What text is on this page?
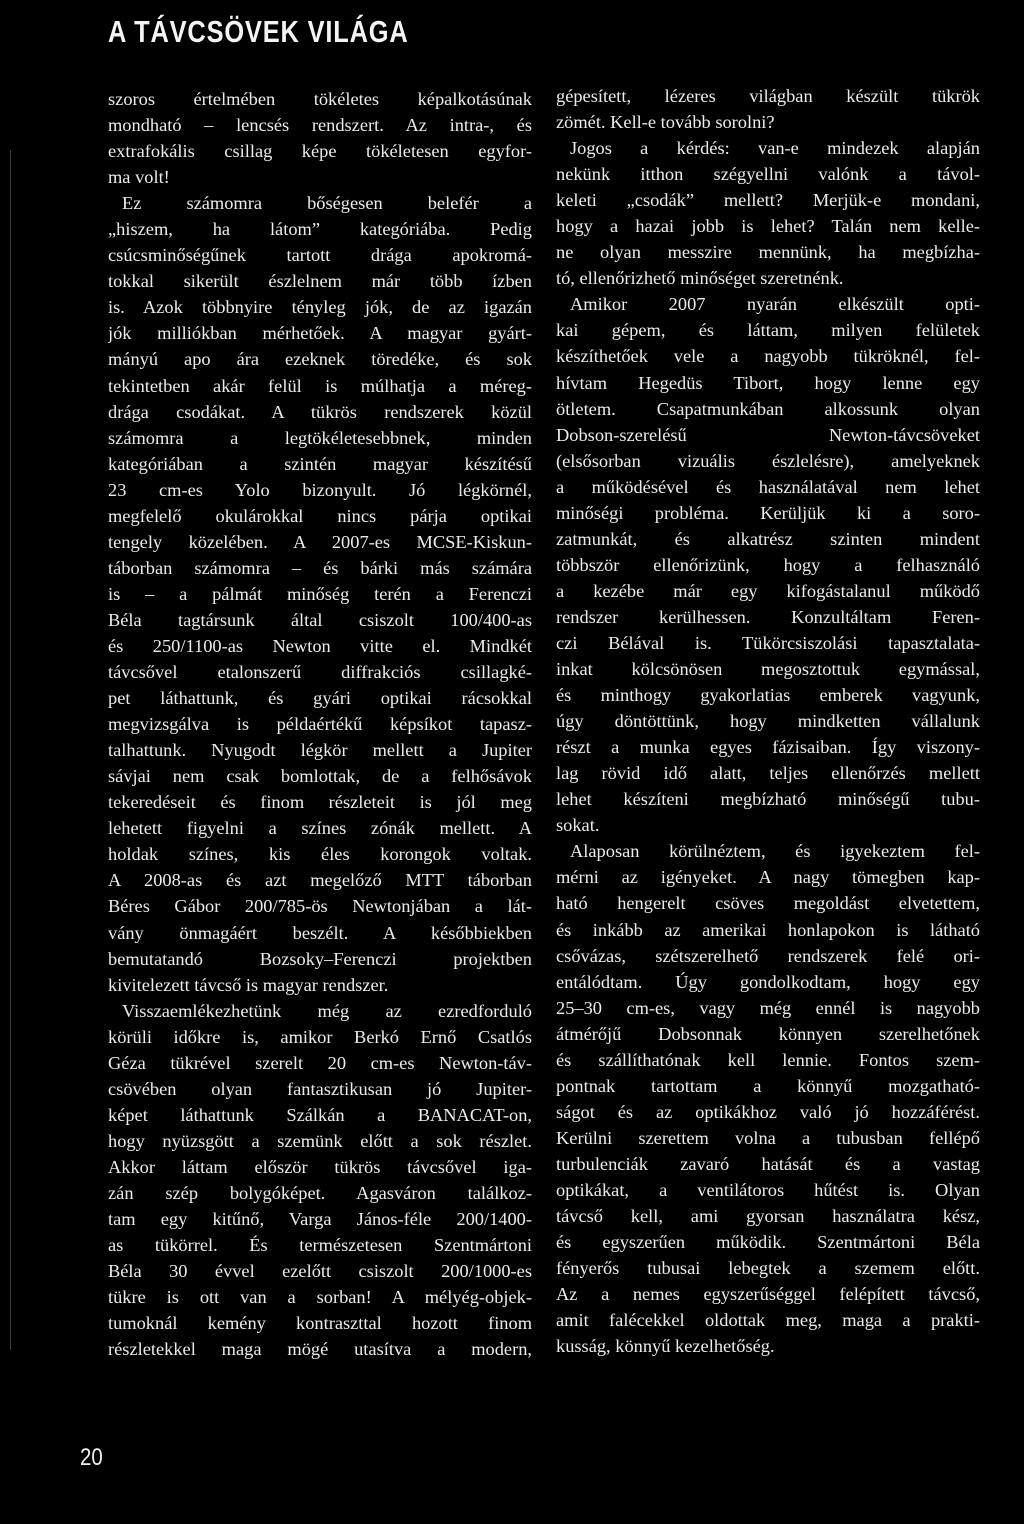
A TÁVCSÖVEK VILÁGA
szoros értelmében tökéletes képalkotásúnak
mondható – lencsés rendszert. Az intra-, és
extrafokális csillag képe tökéletesen egyfor-
ma volt!
Ez számomra bőségesen belefér a
„hiszem, ha látom” kategóriába. Pedig
csúcsminőségűnek tartott drága apokromá-
tokkal sikerült észlelnem már több ízben
is. Azok többnyire tényleg jók, de az igazán
jók milliókban mérhetőek. A magyar gyárt-
mányú apo ára ezeknek töredéke, és sok
tekintetben akár felül is múlhatja a méreg-
drága csodákat. A tükrös rendszerek közül
számomra a legtökéletesebbnek, minden
kategóriában a szintén magyar készítésű
23 cm-es Yolo bizonyult. Jó légkörnél,
megfelelő okulárokkal nincs párja optikai
tengely közelében. A 2007-es MCSE-Kiskun-
táborban számomra – és bárki más számára
is – a pálmát minőség terén a Ferenczi
Béla tagtársunk által csiszolt 100/400-as
és 250/1100-as Newton vitte el. Mindkét
távcsővel etalonszerű diffrakciós csillagké-
pet láthattunk, és gyári optikai rácsokkal
megvizsgálva is példaértékű képsíkot tapasz-
talhattunk. Nyugodt légkör mellett a Jupiter
sávjai nem csak bomlottak, de a felhősávok
tekeredéseit és finom részleteit is jól meg
lehetett figyelni a színes zónák mellett. A
holdak színes, kis éles korongok voltak.
A 2008-as és azt megelőző MTT táborban
Béres Gábor 200/785-ös Newtonjában a lát-
vány önmagáért beszélt. A későbbiekben
bemutatandó Bozsoky–Ferenczi projektben
kivitelezett távcső is magyar rendszer.
Visszaemlékezhetünk még az ezredforduló
körüli időkre is, amikor Berkó Ernő Csatlós
Géza tükrével szerelt 20 cm-es Newton-táv-
csövében olyan fantasztikusan jó Jupiter-
képet láthattunk Szálkán a BANACAT-on,
hogy nyüzsgött a szemünk előtt a sok részlet.
Akkor láttam először tükrös távcsővel iga-
zán szép bolygóképet. Agasváron találkoz-
tam egy kitűnő, Varga János-féle 200/1400-
as tükörrel. És természetesen Szentmártoni
Béla 30 évvel ezelőtt csiszolt 200/1000-es
tükre is ott van a sorban! A mélyég-objek-
tumoknál kemény kontraszttal hozott finom
részletekkel maga mögé utasítva a modern,
gépesített, lézeres világban készült tükrök
zömét. Kell-e tovább sorolni?
Jogos a kérdés: van-e mindezek alapján
nekünk itthon szégyellni valónk a távol-
keleti „csodák” mellett? Merjük-e mondani,
hogy a hazai jobb is lehet? Talán nem kelle-
ne olyan messzire mennünk, ha megbízha-
tó, ellenőrizhető minőséget szeretnénk.
Amikor 2007 nyarán elkészült opti-
kai gépem, és láttam, milyen felületek
készíthetőek vele a nagyobb tükröknél, fel-
hívtam Hegedüs Tibort, hogy lenne egy
ötletem. Csapatmunkában alkossunk olyan
Dobson-szerelésű Newton-távcsöveket
(elsősorban vizuális észlelésre), amelyeknek
a működésével és használatával nem lehet
minőségi probléma. Kerüljük ki a soro-
zatmunkát, és alkatrész szinten mindent
többször ellenőrizünk, hogy a felhasználó
a kezébe már egy kifogástalanul működő
rendszer kerülhessen. Konzultáltam Feren-
czi Bélával is. Tükörcsiszolási tapasztalata-
inkat kölcsönösen megosztottuk egymással,
és minthogy gyakorlatias emberek vagyunk,
úgy döntöttünk, hogy mindketten vállalunk
részt a munka egyes fázisaiban. Így viszony-
lag rövid idő alatt, teljes ellenőrzés mellett
lehet készíteni megbízható minőségű tubu-
sokat.
Alaposan körülnéztem, és igyekeztem fel-
mérni az igényeket. A nagy tömegben kap-
ható hengerelt csöves megoldást elvetettem,
és inkább az amerikai honlapokon is látható
csővázas, szétszerelhető rendszerek felé ori-
entálódtam. Úgy gondolkodtam, hogy egy
25–30 cm-es, vagy még ennél is nagyobb
átmérőjű Dobsonnak könnyen szerelhetőnek
és szállíthatónak kell lennie. Fontos szem-
pontnak tartottam a könnyű mozgatható-
ságot és az optikákhoz való jó hozzáférést.
Kerülni szerettem volna a tubusban fellépő
turbulenciák zavaró hatását és a vastag
optikákat, a ventilátoros hűtést is. Olyan
távcső kell, ami gyorsan használatra kész,
és egyszerűen működik. Szentmártoni Béla
fényerős tubusai lebegtek a szemem előtt.
Az a nemes egyszerűséggel felépített távcső,
amit falécekkel oldottak meg, maga a prakti-
kusság, könnyű kezelhetőség.
20
